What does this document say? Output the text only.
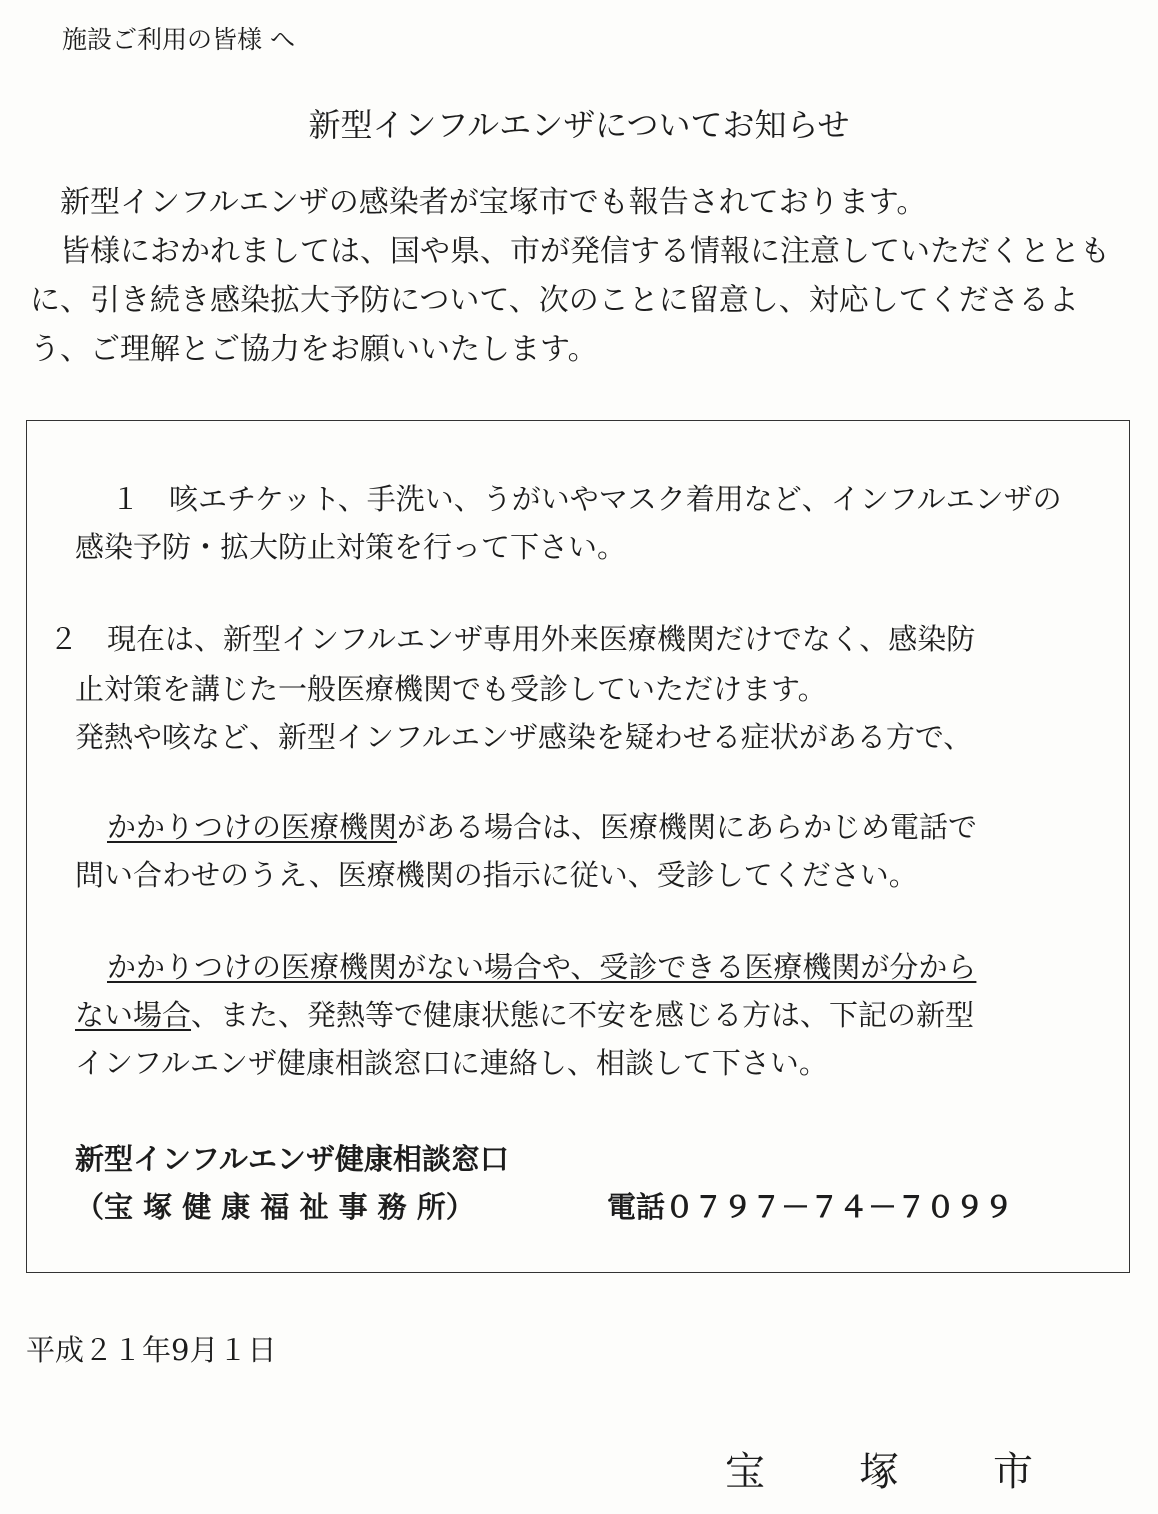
施設ご利用の皆様 へ
新型インフルエンザについてお知らせ

　新型インフルエンザの感染者が宝塚市でも報告されております。

　皆様におかれましては、国や県、市が発信する情報に注意していただくとともに、引き続き感染拡大予防について、次のことに留意し、対応してくださるよう、ご理解とご協力をお願いいたします。

１　咳エチケット、手洗い、うがいやマスク着用など、インフルエンザの
感染予防・拡大防止対策を行って下さい。
２　現在は、新型インフルエンザ専用外来医療機関だけでなく、感染防
止対策を講じた一般医療機関でも受診していただけます。
発熱や咳など、新型インフルエンザ感染を疑わせる症状がある方で、
かかりつけの医療機関がある場合は、医療機関にあらかじめ電話で
問い合わせのうえ、医療機関の指示に従い、受診してください。
かかりつけの医療機関がない場合や、受診できる医療機関が分から
ない場合、また、発熱等で健康状態に不安を感じる方は、下記の新型
インフルエンザ健康相談窓口に連絡し、相談して下さい。
新型インフルエンザ健康相談窓口
（宝 塚 健 康 福 祉 事 務 所）	電話０７９７－７４－７０９９
平成２１年9月１日
宝 塚 市
